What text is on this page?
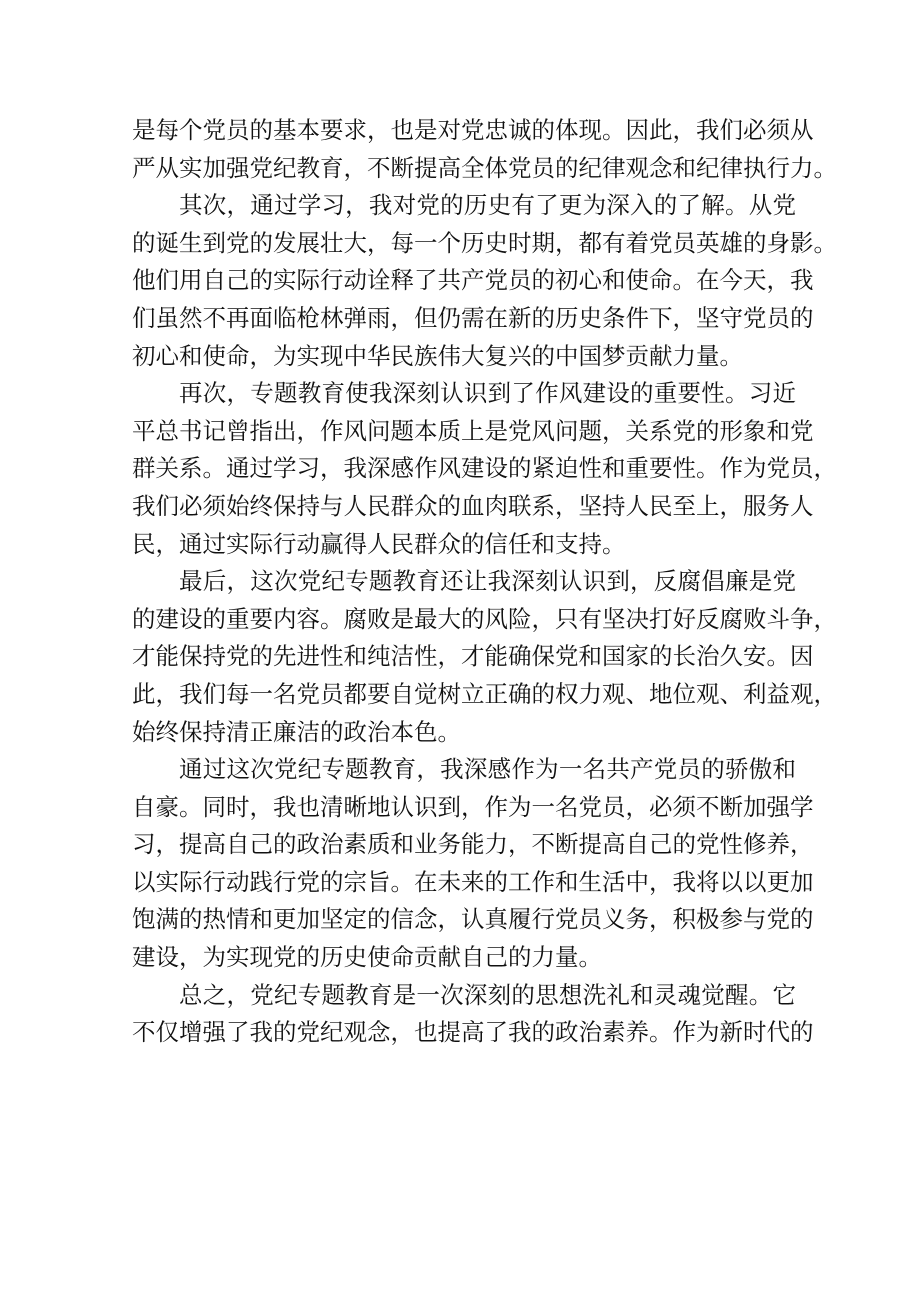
是每个党员的基本要求，也是对党忠诚的体现。因此，我们必须从
严从实加强党纪教育，不断提高全体党员的纪律观念和纪律执行力。
其次，通过学习，我对党的历史有了更为深入的了解。从党
的诞生到党的发展壮大，每一个历史时期，都有着党员英雄的身影。
他们用自己的实际行动诠释了共产党员的初心和使命。在今天，我
们虽然不再面临枪林弹雨，但仍需在新的历史条件下，坚守党员的
初心和使命，为实现中华民族伟大复兴的中国梦贡献力量。
再次，专题教育使我深刻认识到了作风建设的重要性。习近
平总书记曾指出，作风问题本质上是党风问题，关系党的形象和党
群关系。通过学习，我深感作风建设的紧迫性和重要性。作为党员，
我们必须始终保持与人民群众的血肉联系，坚持人民至上，服务人
民，通过实际行动赢得人民群众的信任和支持。
最后，这次党纪专题教育还让我深刻认识到，反腐倡廉是党
的建设的重要内容。腐败是最大的风险，只有坚决打好反腐败斗争，
才能保持党的先进性和纯洁性，才能确保党和国家的长治久安。因
此，我们每一名党员都要自觉树立正确的权力观、地位观、利益观，
始终保持清正廉洁的政治本色。
通过这次党纪专题教育，我深感作为一名共产党员的骄傲和
自豪。同时，我也清晰地认识到，作为一名党员，必须不断加强学
习，提高自己的政治素质和业务能力，不断提高自己的党性修养，
以实际行动践行党的宗旨。在未来的工作和生活中，我将以以更加
饱满的热情和更加坚定的信念，认真履行党员义务，积极参与党的
建设，为实现党的历史使命贡献自己的力量。
总之，党纪专题教育是一次深刻的思想洗礼和灵魂觉醒。它
不仅增强了我的党纪观念，也提高了我的政治素养。作为新时代的
